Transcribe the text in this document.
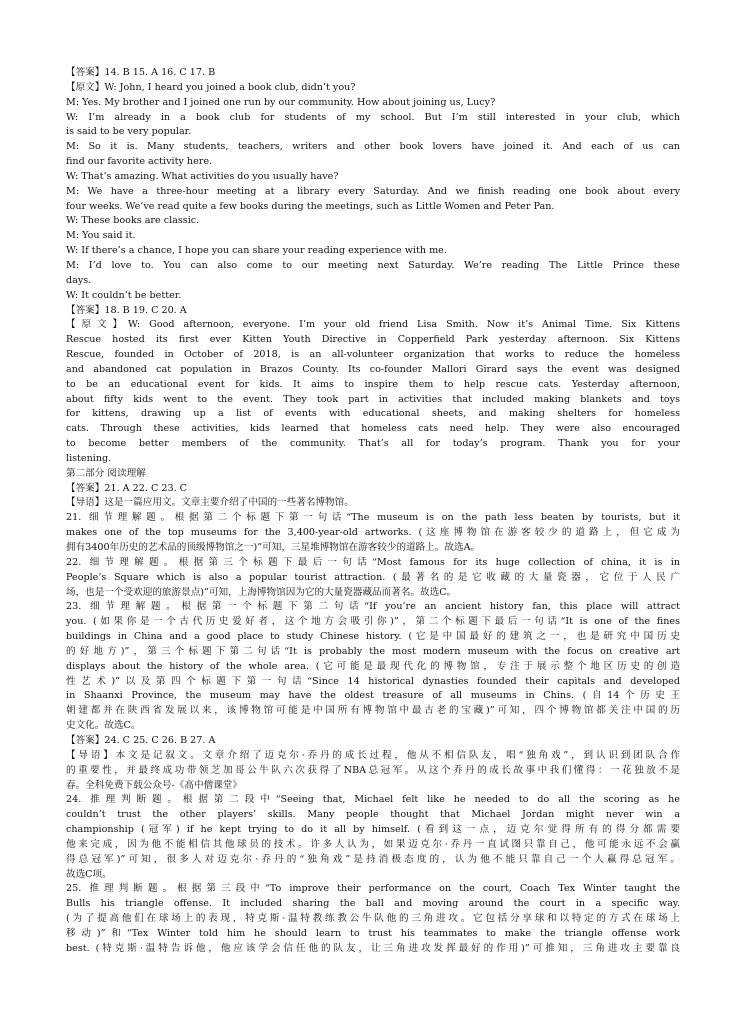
【答案】14. B 15. A 16. C 17. B
【原文】W: John, I heard you joined a book club, didn’t you?
M: Yes. My brother and I joined one run by our community. How about joining us, Lucy?
W: I’m already in a book club for students of my school. But I’m still interested in your club, which
is said to be very popular.
M: So it is. Many students, teachers, writers and other book lovers have joined it. And each of us can
find our favorite activity here.
W: That’s amazing. What activities do you usually have?
M: We have a three-hour meeting at a library every Saturday. And we finish reading one book about every
four weeks. We’ve read quite a few books during the meetings, such as Little Women and Peter Pan.
W: These books are classic.
M: You said it.
W: If there’s a chance, I hope you can share your reading experience with me.
M: I’d love to. You can also come to our meeting next Saturday. We’re reading The Little Prince these
days.
W: It couldn’t be better.
【答案】18. B 19. C 20. A
【原文】W: Good afternoon, everyone. I’m your old friend Lisa Smith. Now it’s Animal Time. Six Kittens
Rescue hosted its first ever Kitten Youth Directive in Copperfield Park yesterday afternoon. Six Kittens
Rescue, founded in October of 2018, is an all-volunteer organization that works to reduce the homeless
and abandoned cat population in Brazos County. Its co-founder Mallori Girard says the event was designed
to be an educational event for kids. It aims to inspire them to help rescue cats. Yesterday afternoon,
about fifty kids went to the event. They took part in activities that included making blankets and toys
for kittens, drawing up a list of events with educational sheets, and making shelters for homeless
cats. Through these activities, kids learned that homeless cats need help. They were also encouraged
to become better members of the community. That’s all for today’s program. Thank you for your
listening.
第二部分 阅读理解
【答案】21. A 22. C 23. C
【导语】这是一篇应用文。文章主要介绍了中国的一些著名博物馆。
21. 细节理解题。根据第二个标题下第一句话“The museum is on the path less beaten by tourists, but it
makes one of the top museums for the 3,400-year-old artworks. (这座博物馆在游客较少的道路上，但它成为
拥有3400年历史的艺术品的顶级博物馆之一)”可知，三星堆博物馆在游客较少的道路上。故选A。
22. 细节理解题。根据第三个标题下最后一句话“Most famous for its huge collection of china, it is in
People’s Square which is also a popular tourist attraction. (最著名的是它收藏的大量瓷器，它位于人民广
场，也是一个受欢迎的旅游景点)”可知，上海博物馆因为它的大量瓷器藏品而著名。故选C。
23. 细节理解题。根据第一个标题下第二句话“If you’re an ancient history fan, this place will attract
you. (如果你是一个古代历史爱好者，这个地方会吸引你)”，第二个标题下最后一句话“It is one of the fines
buildings in China and a good place to study Chinese history. (它是中国最好的建筑之一，也是研究中国历史
的好地方)”，第三个标题下第二句话“It is probably the most modern museum with the focus on creative art
displays about the history of the whole area. (它可能是最现代化的博物馆，专注于展示整个地区历史的创造
性艺术)”以及第四个标题下第一句话“Since 14 historical dynasties founded their capitals and developed
in Shaanxi Province, the museum may have the oldest treasure of all museums in Chins. (自14个历史王
朝建都并在陕西省发展以来，该博物馆可能是中国所有博物馆中最古老的宝藏)”可知，四个博物馆都关注中国的历
史文化。故选C。
【答案】24. C 25. C 26. B 27. A
【导语】本文是记叙文。文章介绍了迈克尔·乔丹的成长过程，他从不相信队友，唱“独角戏”，到认识到团队合作
的重要性，并最终成功带领芝加哥公牛队六次获得了NBA总冠军。从这个乔丹的成长故事中我们懂得：一花独放不是
春。全科免费下载公众号-《高中僧课堂》
24. 推理判断题。根据第二段中“Seeing that, Michael felt like he needed to do all the scoring as he
couldn’t trust the other players’ skills. Many people thought that Michael Jordan might never win a
championship (冠军) if he kept trying to do it all by himself. (看到这一点，迈克尔觉得所有的得分都需要
他来完成，因为他不能相信其他球员的技术。许多人认为，如果迈克尔·乔丹一直试图只靠自己，他可能永远不会赢
得总冠军)”可知，很多人对迈克尔·乔丹的“独角戏”是持消极态度的，认为他不能只靠自己一个人赢得总冠军。
故选C项。
25. 推理判断题。根据第三段中“To improve their performance on the court, Coach Tex Winter taught the
Bulls his triangle offense. It included sharing the ball and moving around the court in a specific way.
(为了提高他们在球场上的表现，特克斯·温特教练教公牛队他的三角进攻。它包括分享球和以特定的方式在球场上
移动)”和“Tex Winter told him he should learn to trust his teammates to make the triangle offense work
best. (特克斯·温特告诉他，他应该学会信任他的队友，让三角进攻发挥最好的作用)”可推知，三角进攻主要靠良
